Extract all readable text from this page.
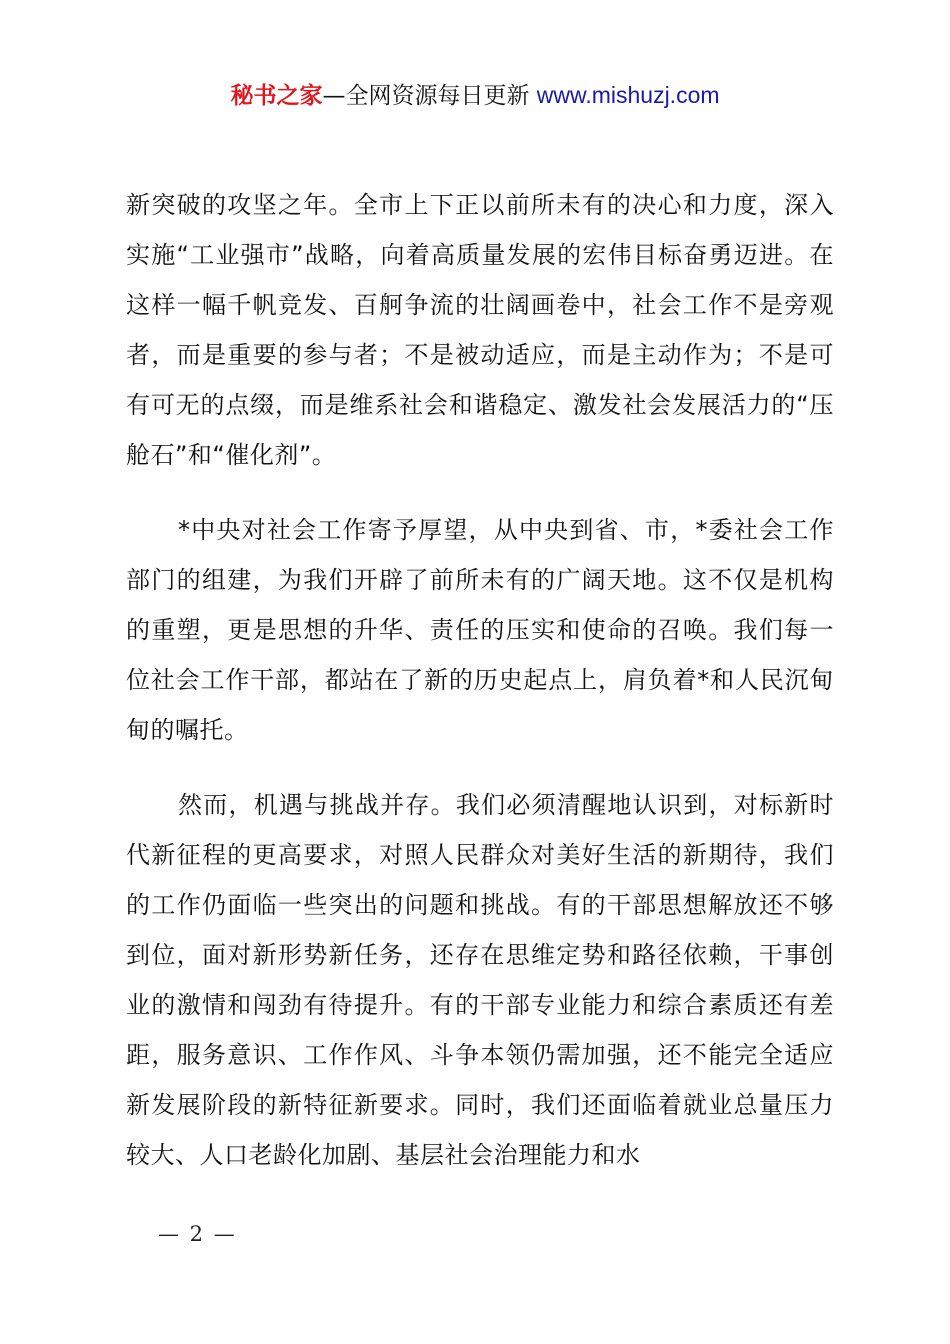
秘书之家—全网资源每日更新 www.mishuzj.com

新突破的攻坚之年。全市上下正以前所未有的决心和力度，深入实施“工业强市”战略，向着高质量发展的宏伟目标奋勇迈进。在这样一幅千帆竞发、百舸争流的壮阔画卷中，社会工作不是旁观者，而是重要的参与者；不是被动适应，而是主动作为；不是可有可无的点缀，而是维系社会和谐稳定、激发社会发展活力的“压舱石”和“催化剂”。

*中央对社会工作寄予厚望，从中央到省、市，*委社会工作部门的组建，为我们开辟了前所未有的广阔天地。这不仅是机构的重塑，更是思想的升华、责任的压实和使命的召唤。我们每一位社会工作干部，都站在了新的历史起点上，肩负着*和人民沉甸甸的嘱托。

然而，机遇与挑战并存。我们必须清醒地认识到，对标新时代新征程的更高要求，对照人民群众对美好生活的新期待，我们的工作仍面临一些突出的问题和挑战。有的干部思想解放还不够到位，面对新形势新任务，还存在思维定势和路径依赖，干事创业的激情和闯劲有待提升。有的干部专业能力和综合素质还有差距，服务意识、工作作风、斗争本领仍需加强，还不能完全适应新发展阶段的新特征新要求。同时，我们还面临着就业总量压力较大、人口老龄化加剧、基层社会治理能力和水

— 2 —
